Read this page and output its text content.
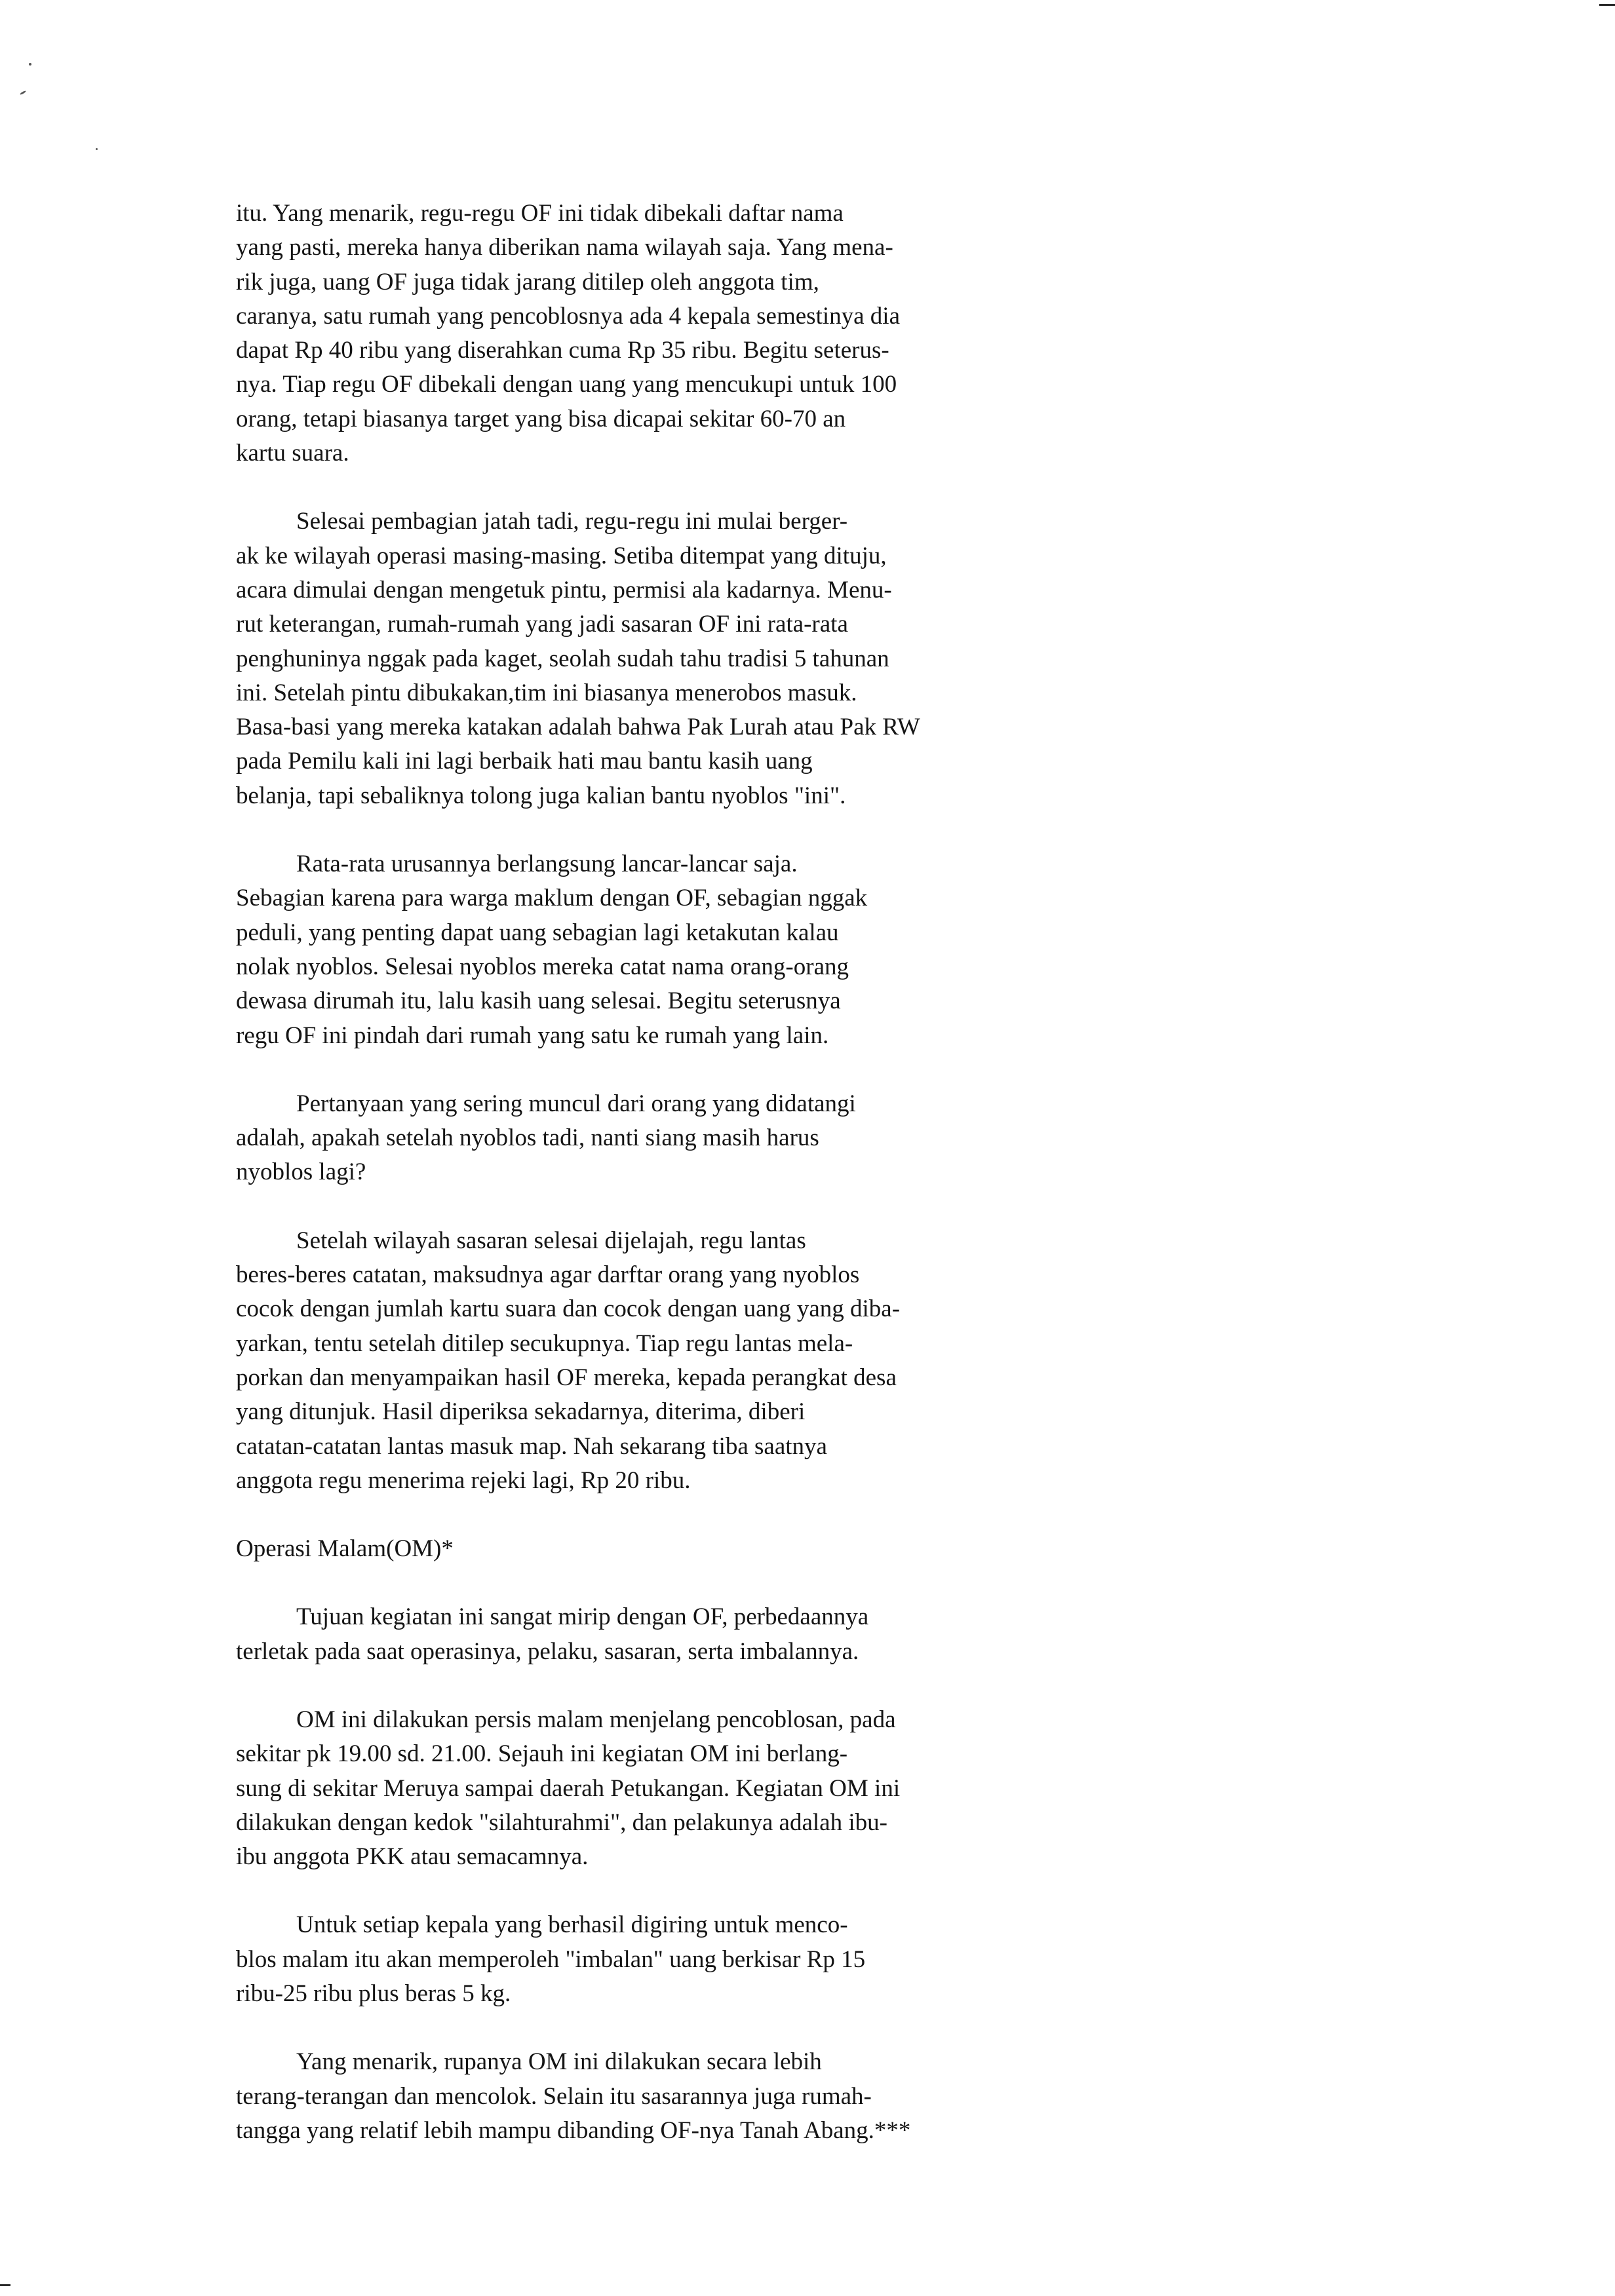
itu. Yang menarik, regu-regu OF ini tidak dibekali daftar nama
yang pasti, mereka hanya diberikan nama wilayah saja. Yang mena-
rik juga, uang OF juga tidak jarang ditilep oleh anggota tim,
caranya, satu rumah yang pencoblosnya ada 4 kepala semestinya dia
dapat Rp 40 ribu yang diserahkan cuma Rp 35 ribu. Begitu seterus-
nya. Tiap regu OF dibekali dengan uang yang mencukupi untuk 100
orang, tetapi biasanya target yang bisa dicapai sekitar 60-70 an
kartu suara.

Selesai pembagian jatah tadi, regu-regu ini mulai berger-
ak ke wilayah operasi masing-masing. Setiba ditempat yang dituju,
acara dimulai dengan mengetuk pintu, permisi ala kadarnya. Menu-
rut keterangan, rumah-rumah yang jadi sasaran OF ini rata-rata
penghuninya nggak pada kaget, seolah sudah tahu tradisi 5 tahunan
ini. Setelah pintu dibukakan,tim ini biasanya menerobos masuk.
Basa-basi yang mereka katakan adalah bahwa Pak Lurah atau Pak RW
pada Pemilu kali ini lagi berbaik hati mau bantu kasih uang
belanja, tapi sebaliknya tolong juga kalian bantu nyoblos "ini".

Rata-rata urusannya berlangsung lancar-lancar saja.
Sebagian karena para warga maklum dengan OF, sebagian nggak
peduli, yang penting dapat uang sebagian lagi ketakutan kalau
nolak nyoblos. Selesai nyoblos mereka catat nama orang-orang
dewasa dirumah itu, lalu kasih uang selesai. Begitu seterusnya
regu OF ini pindah dari rumah yang satu ke rumah yang lain.

Pertanyaan yang sering muncul dari orang yang didatangi
adalah, apakah setelah nyoblos tadi, nanti siang masih harus
nyoblos lagi?

Setelah wilayah sasaran selesai dijelajah, regu lantas
beres-beres catatan, maksudnya agar darftar orang yang nyoblos
cocok dengan jumlah kartu suara dan cocok dengan uang yang diba-
yarkan, tentu setelah ditilep secukupnya. Tiap regu lantas mela-
porkan dan menyampaikan hasil OF mereka, kepada perangkat desa
yang ditunjuk. Hasil diperiksa sekadarnya, diterima, diberi
catatan-catatan lantas masuk map. Nah sekarang tiba saatnya
anggota regu menerima rejeki lagi, Rp 20 ribu.

Operasi Malam(OM)*

Tujuan kegiatan ini sangat mirip dengan OF, perbedaannya
terletak pada saat operasinya, pelaku, sasaran, serta imbalannya.

OM ini dilakukan persis malam menjelang pencoblosan, pada
sekitar pk 19.00 sd. 21.00. Sejauh ini kegiatan OM ini berlang-
sung di sekitar Meruya sampai daerah Petukangan. Kegiatan OM ini
dilakukan dengan kedok "silahturahmi", dan pelakunya adalah ibu-
ibu anggota PKK atau semacamnya.

Untuk setiap kepala yang berhasil digiring untuk menco-
blos malam itu akan memperoleh "imbalan" uang berkisar Rp 15
ribu-25 ribu plus beras 5 kg.

Yang menarik, rupanya OM ini dilakukan secara lebih
terang-terangan dan mencolok. Selain itu sasarannya juga rumah-
tangga yang relatif lebih mampu dibanding OF-nya Tanah Abang.***
